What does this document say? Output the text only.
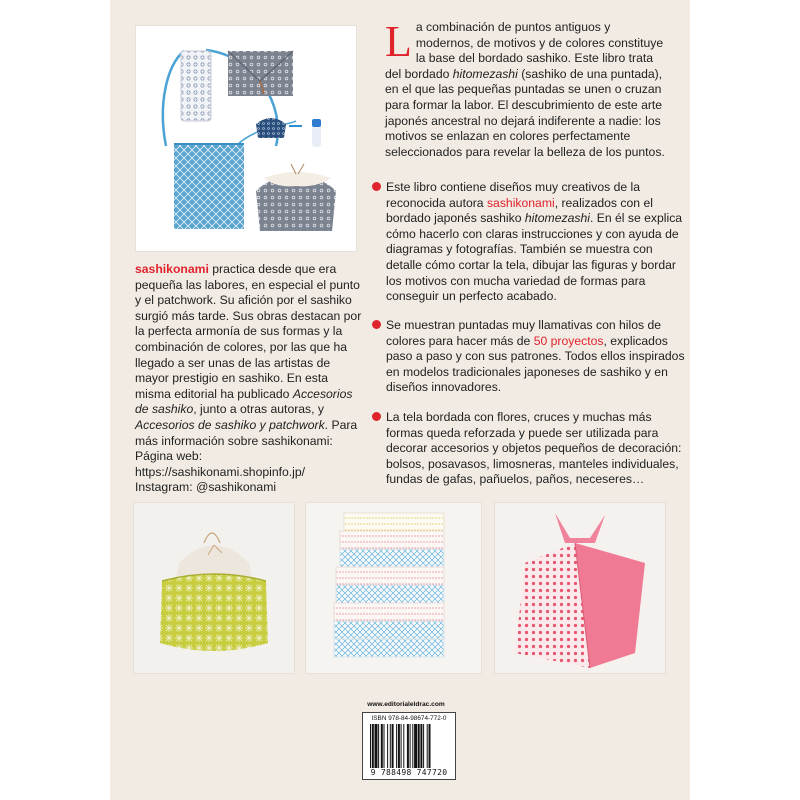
La combinación de puntos antiguos y modernos, de motivos y de colores constituye la base del bordado sashiko. Este libro trata del bordado hitomezashi (sashiko de una puntada), en el que las pequeñas puntadas se unen o cruzan para formar la labor. El descubrimiento de este arte japonés ancestral no dejará indiferente a nadie: los motivos se enlazan en colores perfectamente seleccionados para revelar la belleza de los puntos.
Este libro contiene diseños muy creativos de la reconocida autora sashikonami, realizados con el bordado japonés sashiko hitomezashi. En él se explica cómo hacerlo con claras instrucciones y con ayuda de diagramas y fotografías. También se muestra con detalle cómo cortar la tela, dibujar las figuras y bordar los motivos con mucha variedad de formas para conseguir un perfecto acabado.
Se muestran puntadas muy llamativas con hilos de colores para hacer más de 50 proyectos, explicados paso a paso y con sus patrones. Todos ellos inspirados en modelos tradicionales japoneses de sashiko y en diseños innovadores.
La tela bordada con flores, cruces y muchas más formas queda reforzada y puede ser utilizada para decorar accesorios y objetos pequeños de decoración: bolsos, posavasos, limosneras, manteles individuales, fundas de gafas, pañuelos, paños, neceseres…
sashikonami practica desde que era pequeña las labores, en especial el punto y el patchwork. Su afición por el sashiko surgió más tarde. Sus obras destacan por la perfecta armonía de sus formas y la combinación de colores, por las que ha llegado a ser unas de las artistas de mayor prestigio en sashiko. En esta misma editorial ha publicado Accesorios de sashiko, junto a otras autoras, y Accesorios de sashiko y patchwork. Para más información sobre sashikonami:
Página web: https://sashikonami.shopinfo.jp/
Instagram: @sashikonami
www.editorialeldrac.com
ISBN 978-84-98674-772-0
9 788498 747720
